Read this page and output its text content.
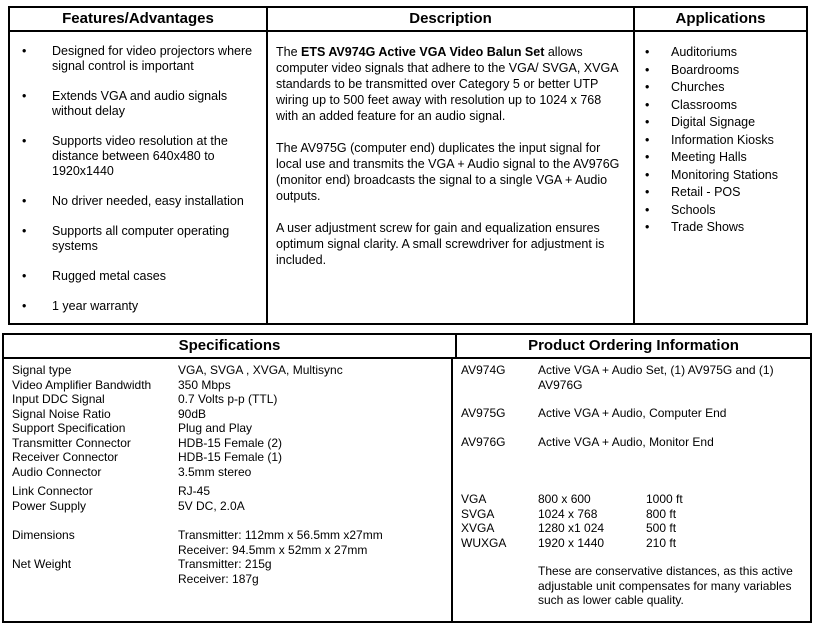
Features/Advantages
•	Designed for video projectors where signal control is important
•	Extends VGA and audio signals without delay
•	Supports video resolution at the distance between 640x480 to 1920x1440
•	No driver needed, easy installation
•	Supports all computer operating systems
•	Rugged metal cases
•	1 year warranty
Description

The ETS AV974G Active VGA Video Balun Set allows computer video signals that adhere to the VGA/ SVGA, XVGA standards to be transmitted over Category 5 or better UTP wiring up to 500 feet away with resolution up to 1024 x 768 with an added feature for an audio signal.

The AV975G (computer end) duplicates the input signal for local use and transmits the VGA + Audio signal to the AV976G (monitor end) broadcasts the signal to a single VGA + Audio outputs.

A user adjustment screw for gain and equalization ensures optimum signal clarity. A small screwdriver for adjustment is included.

Applications
•	Auditoriums
•	Boardrooms
•	Churches
•	Classrooms
•	Digital Signage
•	Information Kiosks
•	Meeting Halls
•	Monitoring Stations
•	Retail - POS
•	Schools
•	Trade Shows
Specifications	Product Ordering Information
Signal type	VGA, SVGA , XVGA, Multisync
Video Amplifier Bandwidth	350 Mbps
Input DDC Signal	0.7 Volts p-p (TTL)
Signal Noise Ratio	90dB
Support Specification	Plug and Play
Transmitter Connector	HDB-15 Female (2)
Receiver Connector	HDB-15 Female (1)
Audio Connector	3.5mm stereo
Link Connector	RJ-45
Power Supply	5V DC, 2.0A
Dimensions	Transmitter: 112mm x 56.5mm x27mm
Receiver: 94.5mm x 52mm x 27mm
Net Weight	Transmitter: 215g
Receiver: 187g
AV974G	Active VGA + Audio Set, (1) AV975G and (1) AV976G
AV975G	Active VGA + Audio, Computer End
AV976G	Active VGA + Audio, Monitor End
VGA	800 x 600	1000 ft
SVGA	1024 x 768	800 ft
XVGA	1280 x1 024	500 ft
WUXGA	1920 x 1440	210 ft
These are conservative distances, as this active adjustable unit compensates for many variables such as lower cable quality.
